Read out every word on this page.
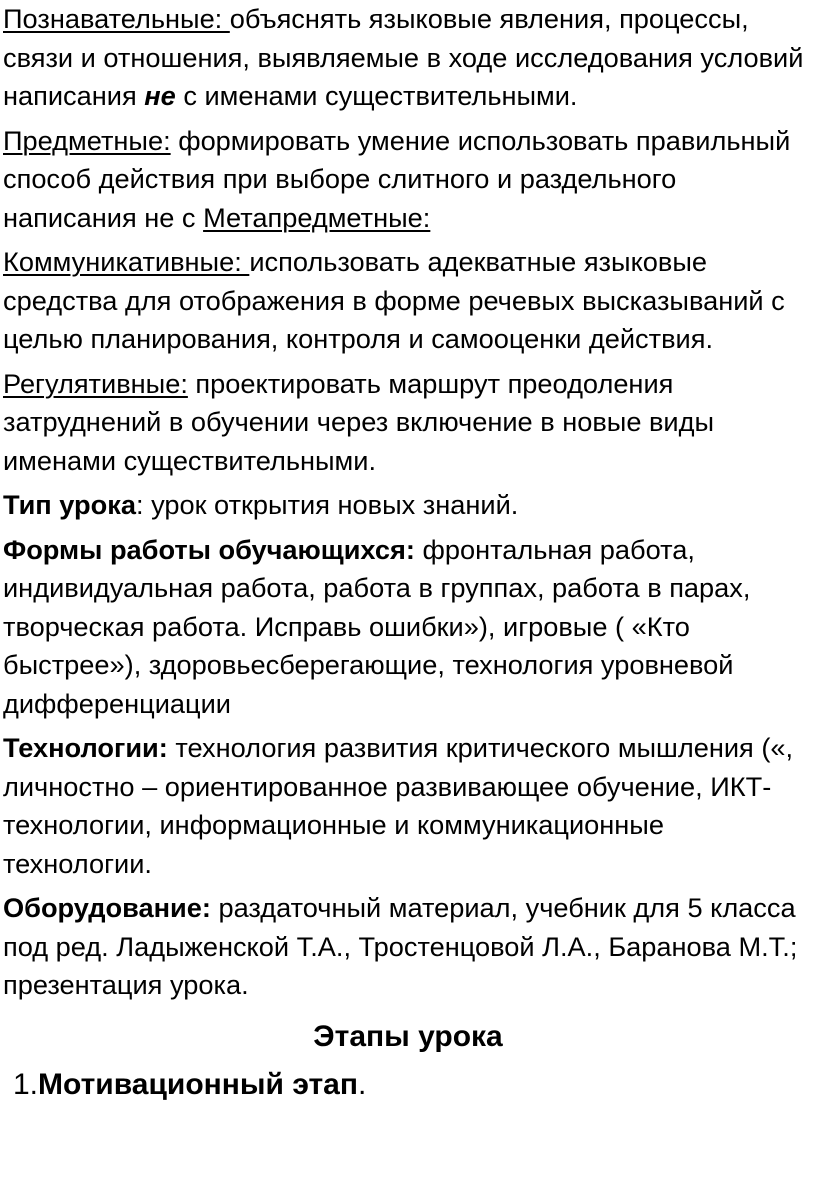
Познавательные: объяснять языковые явления, процессы, связи и отношения, выявляемые в ходе исследования условий написания не с именами существительными.

Предметные: формировать умение использовать правильный способ действия при выборе слитного и раздельного написания не с Метапредметные:

Коммуникативные: использовать адекватные языковые средства для отображения в форме речевых высказываний с целью планирования, контроля и самооценки действия.

Регулятивные: проектировать маршрут преодоления затруднений в обучении через включение в новые виды именами существительными.

Тип урока: урок открытия новых знаний.

Формы работы обучающихся: фронтальная работа, индивидуальная работа, работа в группах, работа в парах, творческая работа. Исправь ошибки»), игровые ( «Кто быстрее»), здоровьесберегающие, технология уровневой дифференциации

Технологии: технология развития критического мышления («, личностно – ориентированное развивающее обучение, ИКТ-технологии, информационные и коммуникационные технологии.

Оборудование: раздаточный материал, учебник для 5 класса под ред. Ладыженской Т.А., Тростенцовой Л.А., Баранова М.Т.; презентация урока.

Этапы урока
1.Мотивационный этап.
